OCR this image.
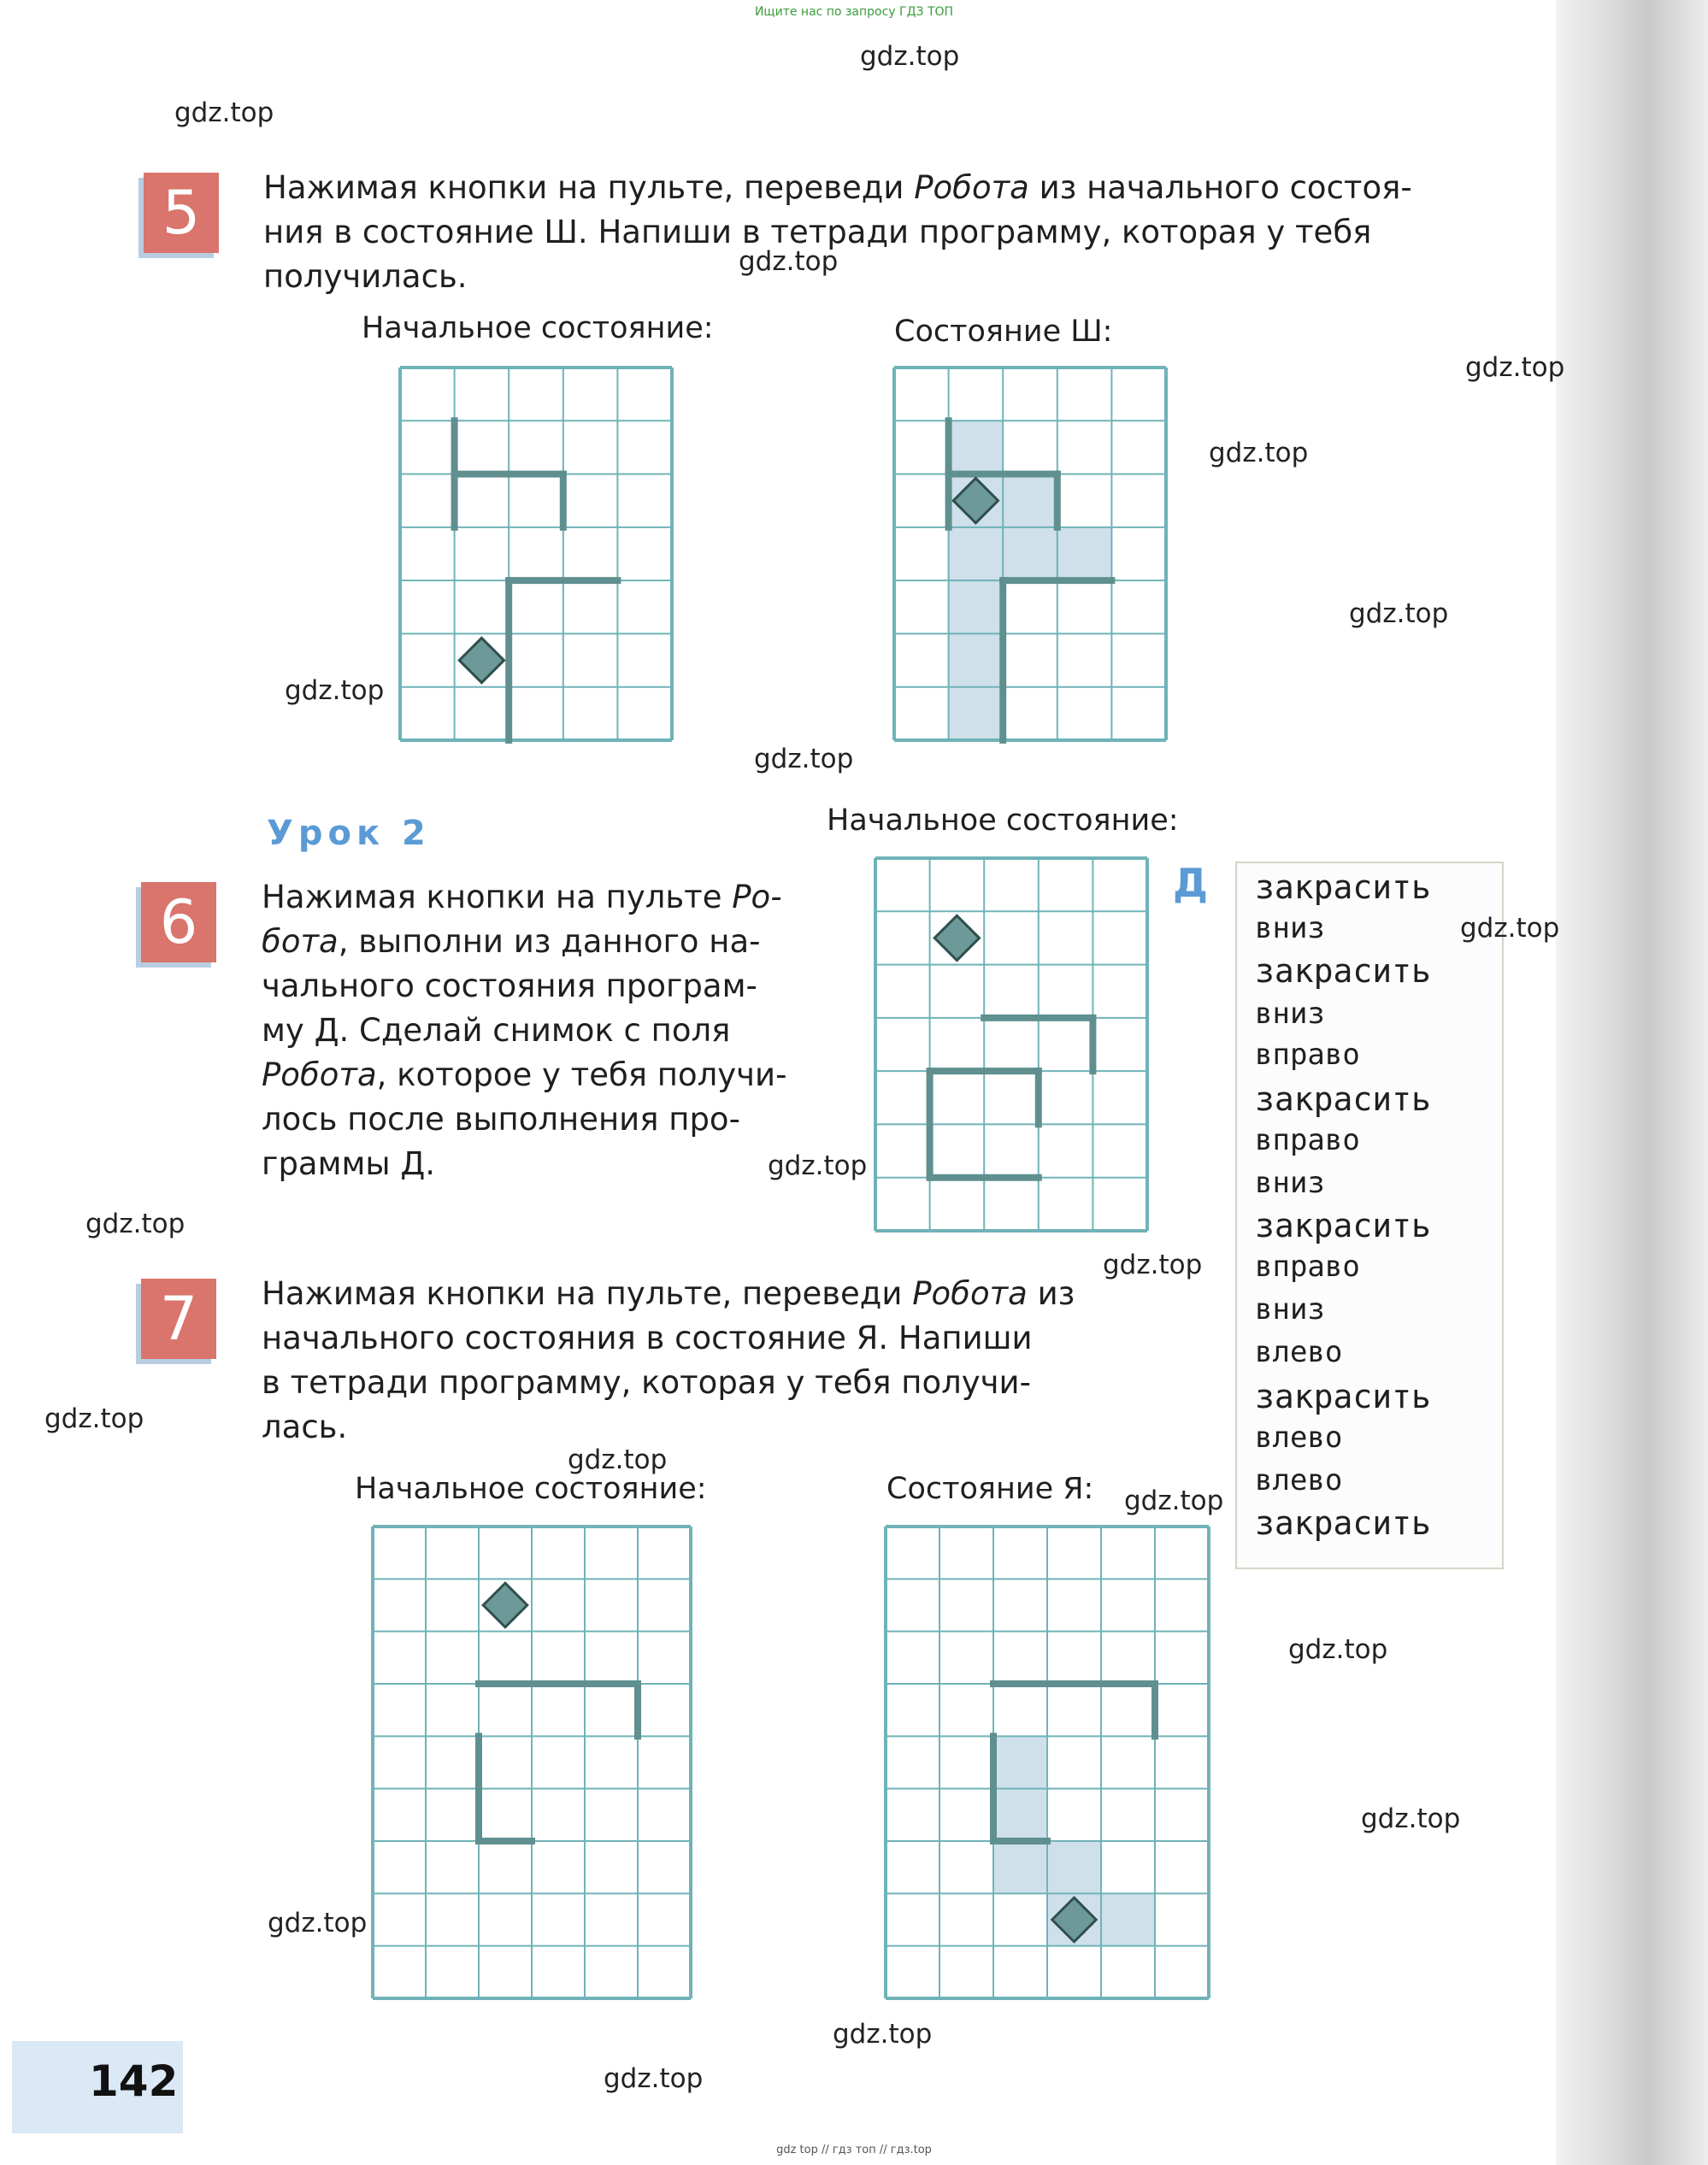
Ищите нас по запросу ГДЗ ТОП
5	Нажимая кнопки на пульте, переведи Робота из начального состоя-
ния в состояние Ш. Напиши в тетради программу, которая у тебя
получилась.
Начальное состояние:	Состояние Ш:
Урок 2
6	Нажимая кнопки на пульте Ро-
бота, выполни из данного на-
чального состояния програм-
му Д. Сделай снимок с поля
Робота, которое у тебя получи-
лось после выполнения про-
граммы Д.
Начальное состояние:
Д закрасить
вниз
закрасить
вниз
вправо
закрасить
вправо
вниз
закрасить
вправо
вниз
влево
закрасить
влево
влево
закрасить
7	Нажимая кнопки на пульте, переведи Робота из
начального состояния в состояние Я. Напиши
в тетради программу, которая у тебя получи-
лась.
Начальное состояние:	Состояние Я:
142
gdz.top
gdz.top
gdz.top
gdz.top
gdz.top
gdz.top
gdz.top
gdz.top
gdz.top
gdz.top
gdz.top
gdz.top
gdz.top
gdz.top
gdz.top
gdz.top
gdz.top
gdz.top
gdz.top
gdz.top
gdz top // гдз топ // гдз.top
